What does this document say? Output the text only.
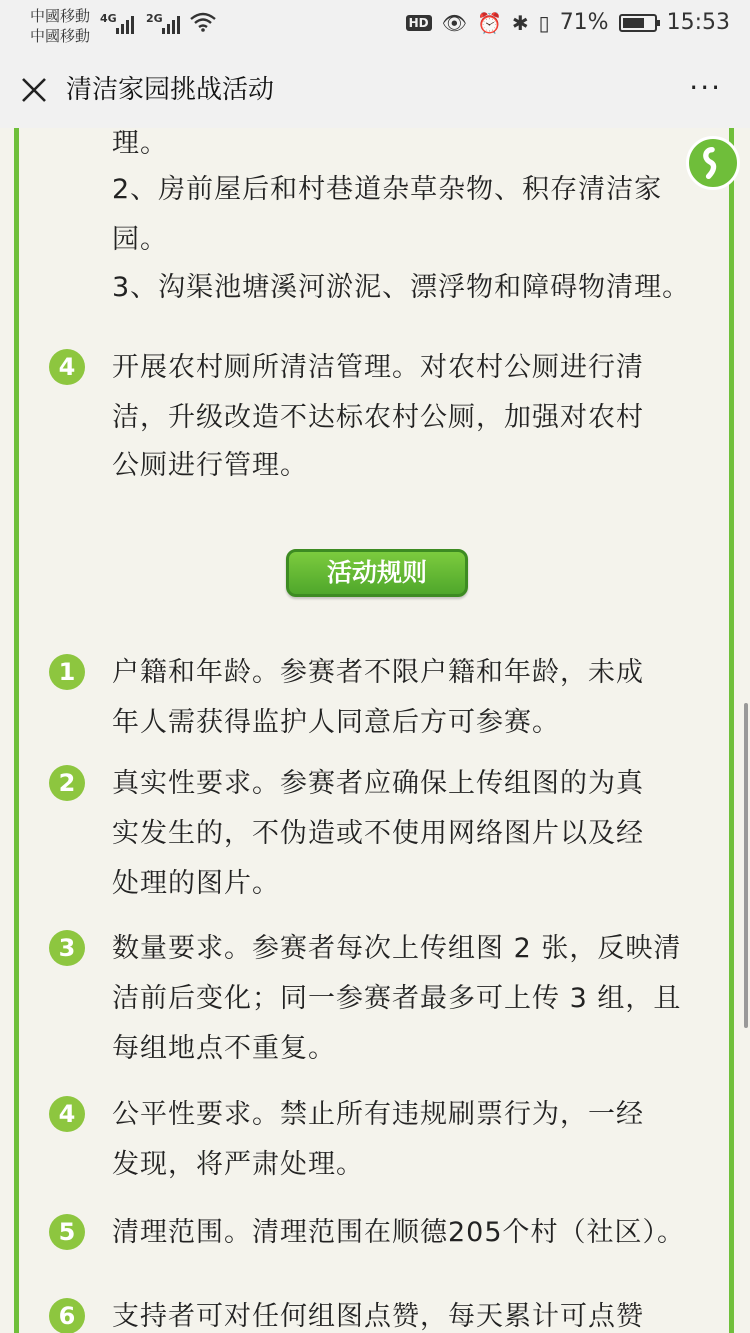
中國移動
中國移動
4G	2G	HD 👁 ⏰ ✱ ▯ 71%	15:53
清洁家园挑战活动	···
理。
2、房前屋后和村巷道杂草杂物、积存清洁家
园。
3、沟渠池塘溪河淤泥、漂浮物和障碍物清理。
4	开展农村厕所清洁管理。对农村公厕进行清
洁，升级改造不达标农村公厕，加强对农村
公厕进行管理。
活动规则
1	户籍和年龄。参赛者不限户籍和年龄，未成
年人需获得监护人同意后方可参赛。
2	真实性要求。参赛者应确保上传组图的为真
实发生的，不伪造或不使用网络图片以及经
处理的图片。
3	数量要求。参赛者每次上传组图 2 张，反映清
洁前后变化；同一参赛者最多可上传 3 组，且
每组地点不重复。
4	公平性要求。禁止所有违规刷票行为，一经
发现，将严肃处理。
5	清理范围。清理范围在顺德205个村（社区）。
6	支持者可对任何组图点赞，每天累计可点赞
